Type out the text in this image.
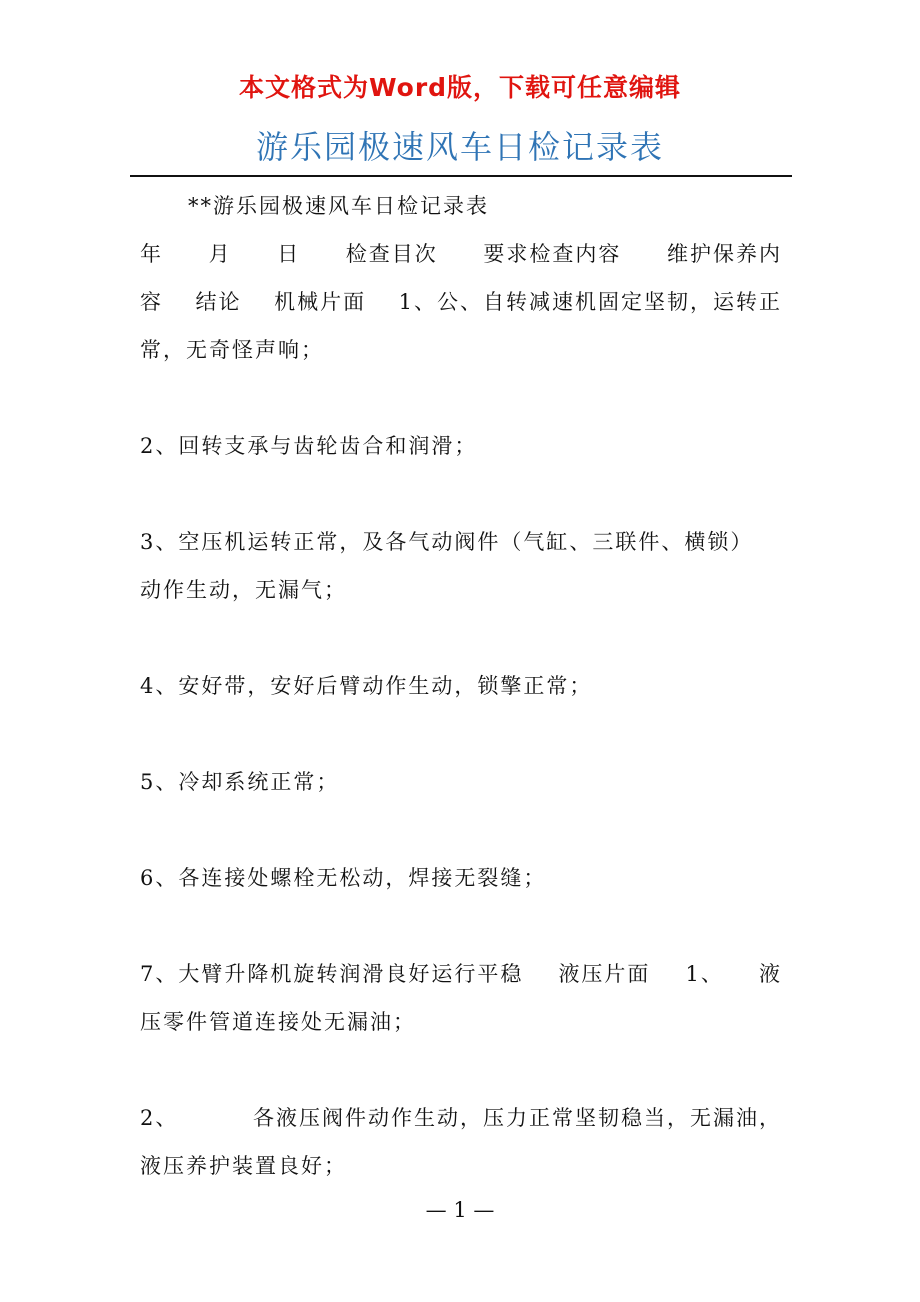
本文格式为Word版，下载可任意编辑
游乐园极速风车日检记录表

**游乐园极速风车日检记录表

年 月 日 检查目次 要求检查内容 维护保养内
容 结论 机械片面 1、公、自转减速机固定坚韧，运转正

常，无奇怪声响；

2、回转支承与齿轮齿合和润滑；

3、空压机运转正常，及各气动阀件（气缸、三联件、横锁）

动作生动，无漏气；

4、安好带，安好后臂动作生动，锁擎正常；

5、冷却系统正常；

6、各连接处螺栓无松动，焊接无裂缝；

7、大臂升降机旋转润滑良好运行平稳 液压片面 1、 液

压零件管道连接处无漏油；

2、	各液压阀件动作生动，压力正常坚韧稳当，无漏油，

液压养护装置良好；

— 1 —
